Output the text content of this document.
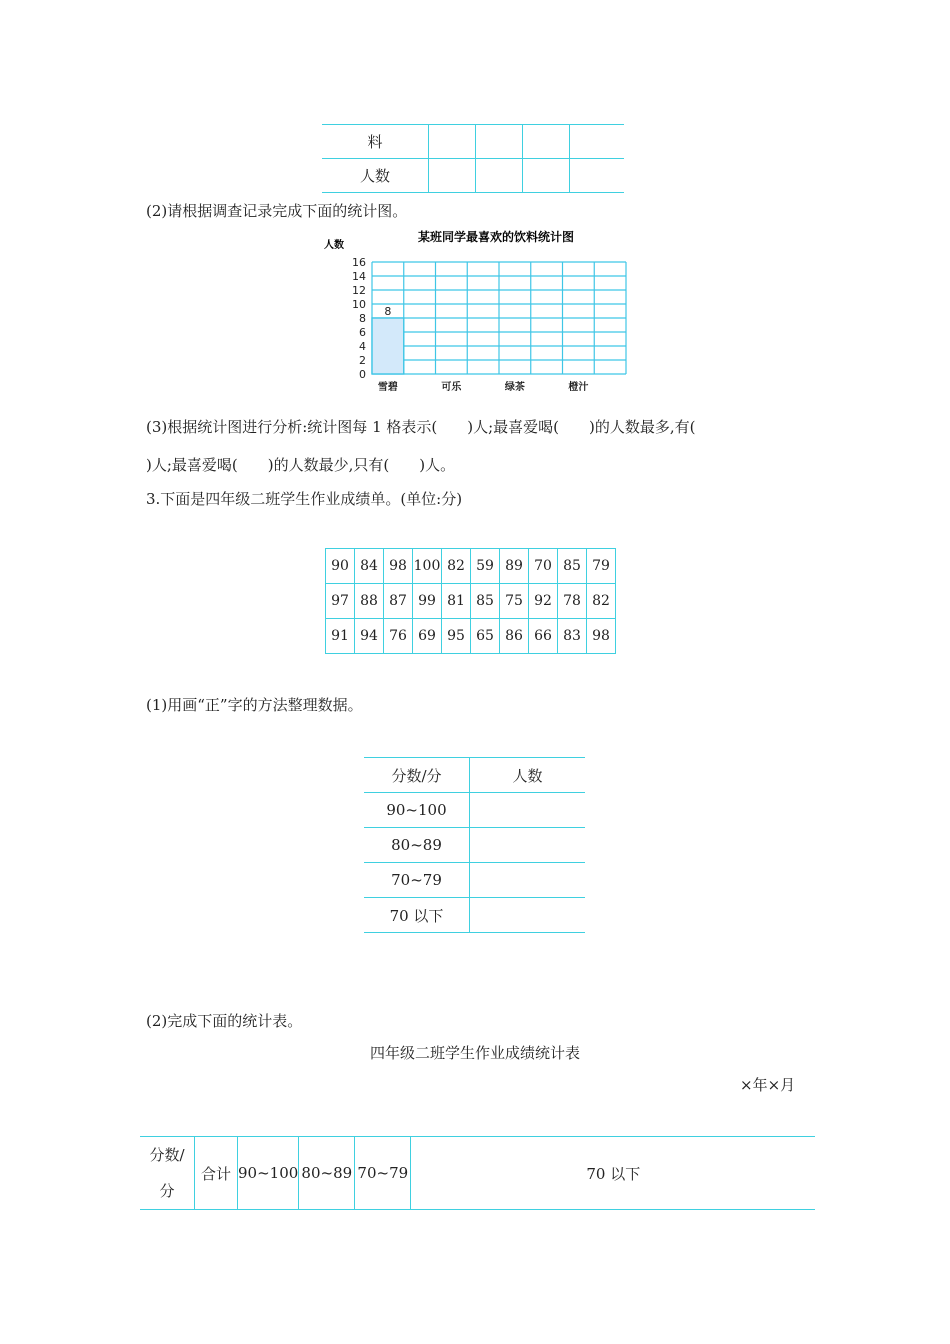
料				
人数				
(2)请根据调查记录完成下面的统计图。
某班同学最喜欢的饮料统计图
人数
8
0
2
4
6
8
10
12
14
16
雪碧	可乐	绿茶	橙汁
(3)根据统计图进行分析:统计图每 1 格表示(　　)人;最喜爱喝(　　)的人数最多,有(
)人;最喜爱喝(　　)的人数最少,只有(　　)人。
3.下面是四年级二班学生作业成绩单。(单位:分)
90	84	98	100	82	59	89	70	85	79
97	88	87	99	81	85	75	92	78	82
91	94	76	69	95	65	86	66	83	98
(1)用画“正”字的方法整理数据。
分数/分	人数
90~100	
80~89	
70~79	
70 以下	
(2)完成下面的统计表。
四年级二班学生作业成绩统计表
×年×月
分数/
分	合计	90~100	80~89	70~79	70 以下
